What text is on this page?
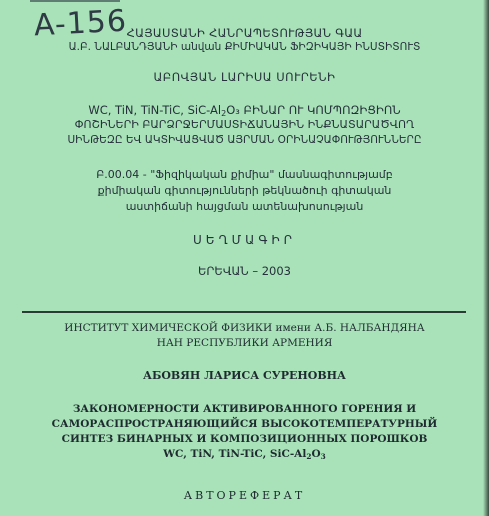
A-156
ՀԱՅԱՍՏԱՆԻ ՀԱՆՐԱՊԵՏՈՒԹՅԱՆ ԳԱԱ
Ա.Բ. ՆԱԼԲԱՆԴՅԱՆԻ անվան ՔԻՄԻԱԿԱՆ ՖԻԶԻԿԱՅԻ ԻՆՍՏԻՏՈՒՏ
ԱԲՈՎՅԱՆ ԼԱՐԻՍԱ ՍՈՒՐԵՆԻ
WC, TiN, TiN-TiC, SiC-$Al_2O_3$ ԲԻՆԱՐ ՈՒ ԿՈՄՊՈԶԻՑԻՈՆ
ՓՈՇԻՆԵՐԻ ԲԱՐՁՐՋԵՐՄԱՍՏԻՃԱՆԱՅԻՆ ԻՆՔՆԱՏԱՐԱԾՎՈՂ
ՍԻՆԹԵԶԸ ԵՎ ԱԿՏԻՎԱՑՎԱԾ ԱՅՐՄԱՆ ՕՐԻՆԱՉԱՓՈՒԹՅՈՒՆՆԵՐԸ
Բ.00.04 - "Ֆիզիկական քիմիա" մասնագիտությամբ
քիմիական գիտությունների թեկնածուի գիտական
աստիճանի հայցման ատենախոսության
ՍԵՂՄԱԳԻՐ
ԵՐԵՎԱՆ – 2003
ИНСТИТУТ ХИМИЧЕСКОЙ ФИЗИКИ имени А.Б. НАЛБАНДЯНА
НАН РЕСПУБЛИКИ АРМЕНИЯ
АБОВЯН ЛАРИСА СУРЕНОВНА
ЗАКОНОМЕРНОСТИ АКТИВИРОВАННОГО ГОРЕНИЯ И
САМОРАСПРОСТРАНЯЮЩИЙСЯ ВЫСОКОТЕМПЕРАТУРНЫЙ
СИНТЕЗ БИНАРНЫХ И КОМПОЗИЦИОННЫХ ПОРОШКОВ
WC, TiN, TiN-TiC, SiC-$Al_2O_3$
АВТОРЕФЕРАТ
